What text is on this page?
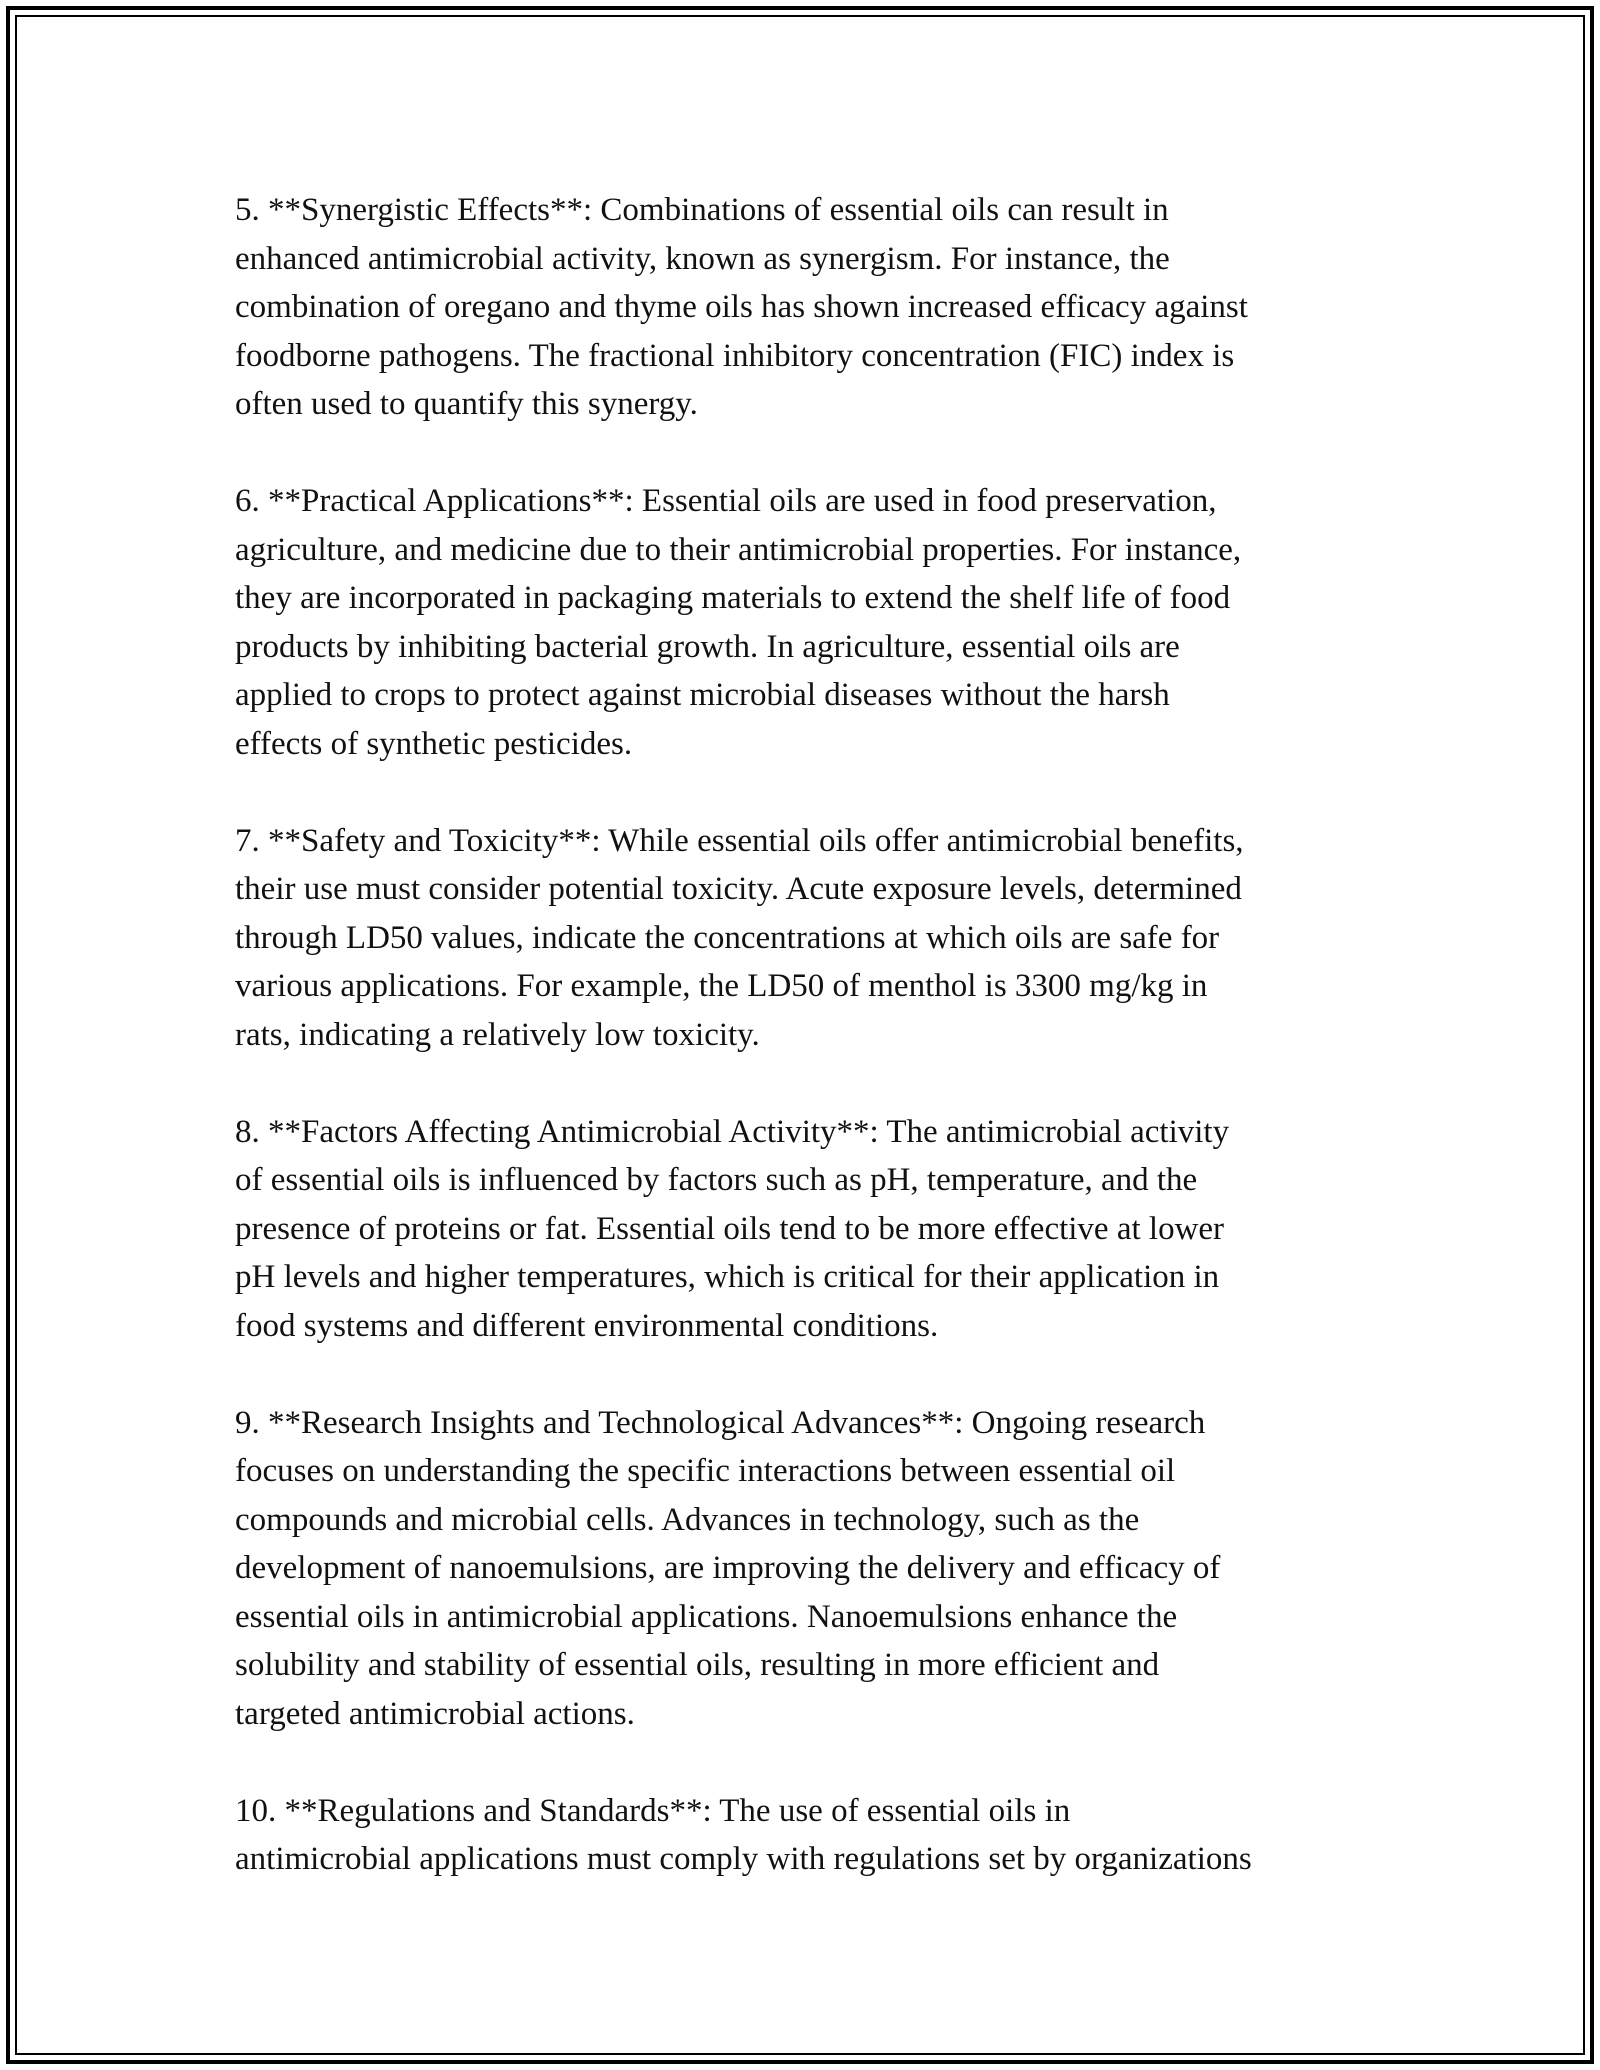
5. **Synergistic Effects**: Combinations of essential oils can result in
enhanced antimicrobial activity, known as synergism. For instance, the
combination of oregano and thyme oils has shown increased efficacy against
foodborne pathogens. The fractional inhibitory concentration (FIC) index is
often used to quantify this synergy.

6. **Practical Applications**: Essential oils are used in food preservation,
agriculture, and medicine due to their antimicrobial properties. For instance,
they are incorporated in packaging materials to extend the shelf life of food
products by inhibiting bacterial growth. In agriculture, essential oils are
applied to crops to protect against microbial diseases without the harsh
effects of synthetic pesticides.

7. **Safety and Toxicity**: While essential oils offer antimicrobial benefits,
their use must consider potential toxicity. Acute exposure levels, determined
through LD50 values, indicate the concentrations at which oils are safe for
various applications. For example, the LD50 of menthol is 3300 mg/kg in
rats, indicating a relatively low toxicity.

8. **Factors Affecting Antimicrobial Activity**: The antimicrobial activity
of essential oils is influenced by factors such as pH, temperature, and the
presence of proteins or fat. Essential oils tend to be more effective at lower
pH levels and higher temperatures, which is critical for their application in
food systems and different environmental conditions.

9. **Research Insights and Technological Advances**: Ongoing research
focuses on understanding the specific interactions between essential oil
compounds and microbial cells. Advances in technology, such as the
development of nanoemulsions, are improving the delivery and efficacy of
essential oils in antimicrobial applications. Nanoemulsions enhance the
solubility and stability of essential oils, resulting in more efficient and
targeted antimicrobial actions.

10. **Regulations and Standards**: The use of essential oils in
antimicrobial applications must comply with regulations set by organizations
